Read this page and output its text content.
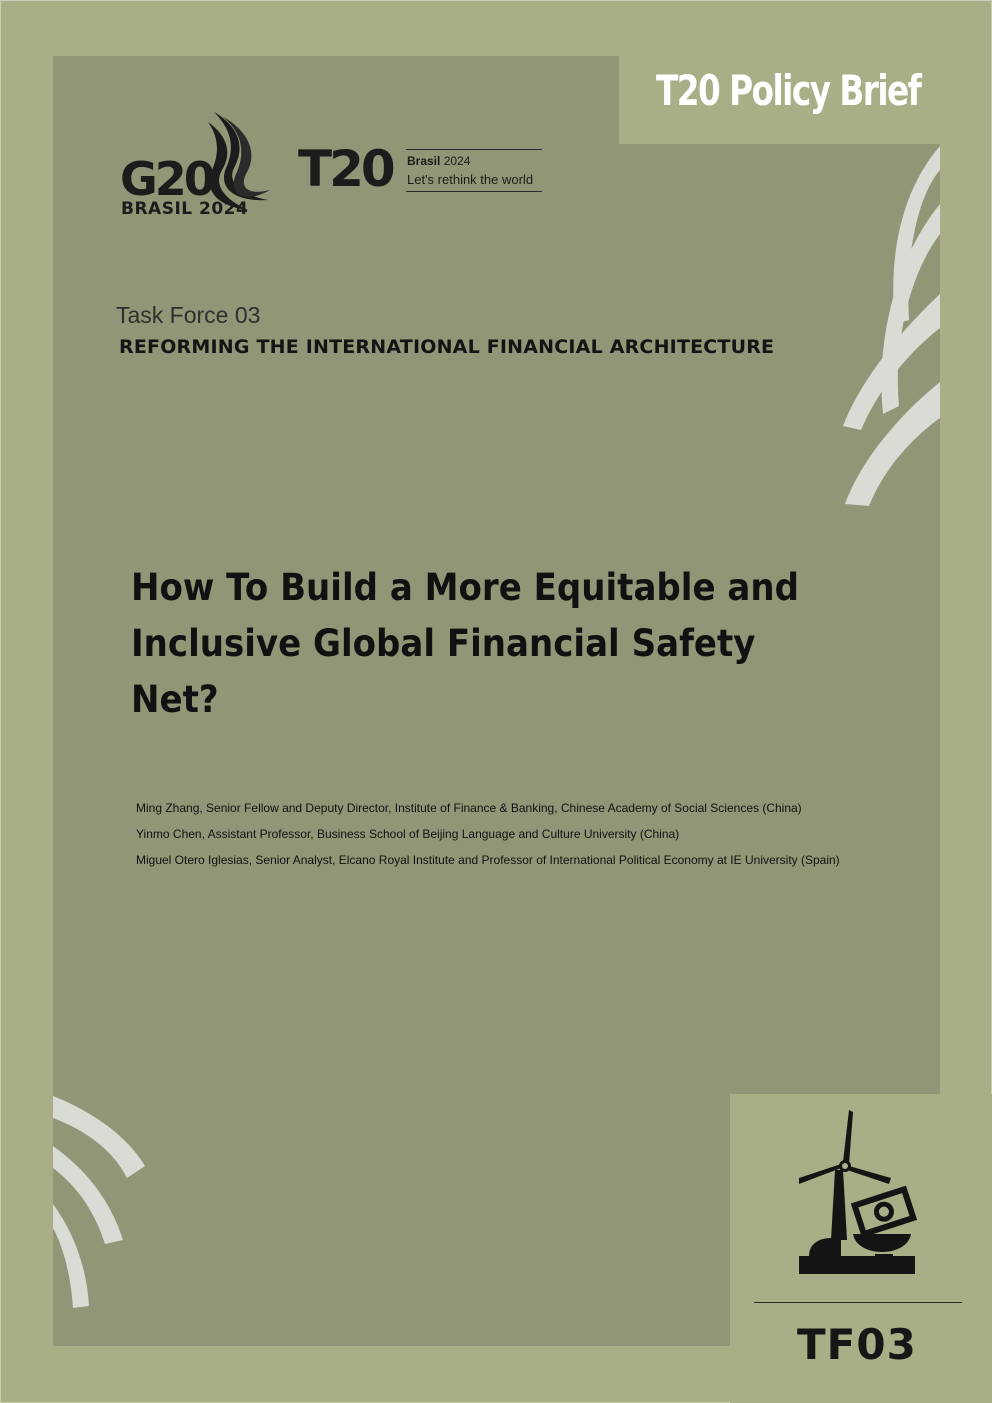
T20 Policy Brief
G20
BRASIL 2024
T20 Brasil 2024
Let's rethink the world
Task Force 03
REFORMING THE INTERNATIONAL FINANCIAL ARCHITECTURE
How To Build a More Equitable and
Inclusive Global Financial Safety Net?
Ming Zhang, Senior Fellow and Deputy Director, Institute of Finance & Banking, Chinese Academy of Social Sciences (China)
Yinmo Chen, Assistant Professor, Business School of Beijing Language and Culture University (China)
Miguel Otero Iglesias, Senior Analyst, Elcano Royal Institute and Professor of International Political Economy at IE University (Spain)
TF03
